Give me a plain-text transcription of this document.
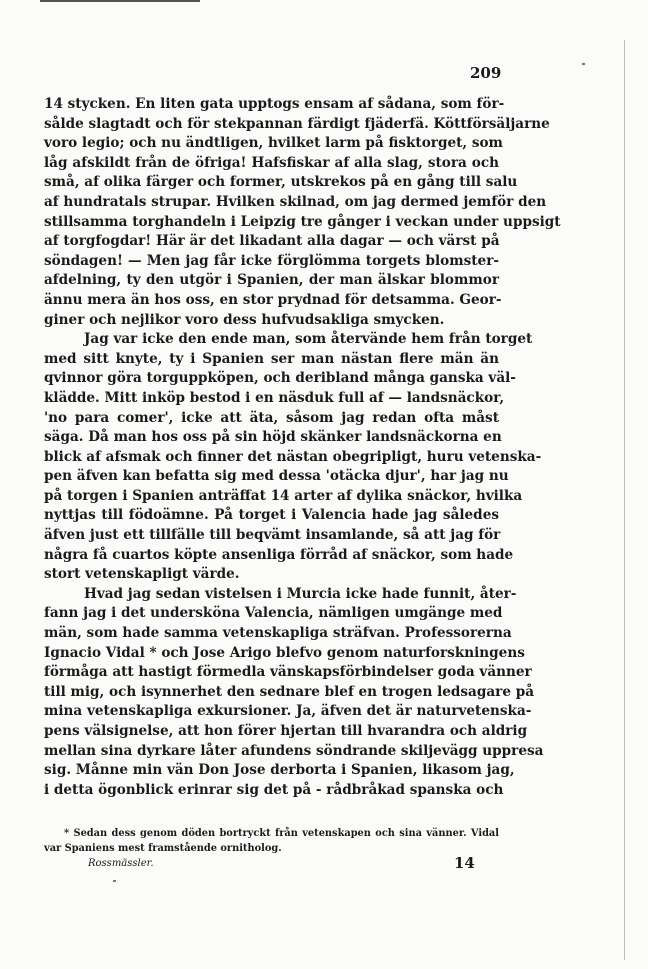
209
14 stycken. En liten gata upptogs ensam af sådana, som för-
sålde slagtadt och för stekpannan färdigt fjäderfä. Köttförsäljarne
voro legio; och nu ändtligen, hvilket larm på fisktorget, som
låg afskildt från de öfriga! Hafsfiskar af alla slag, stora och
små, af olika färger och former, utskrekos på en gång till salu
af hundratals strupar. Hvilken skilnad, om jag dermed jemför den
stillsamma torghandeln i Leipzig tre gånger i veckan under uppsigt
af torgfogdar! Här är det likadant alla dagar — och värst på
söndagen! — Men jag får icke förglömma torgets blomster-
afdelning, ty den utgör i Spanien, der man älskar blommor
ännu mera än hos oss, en stor prydnad för detsamma. Geor-
giner och nejlikor voro dess hufvudsakliga smycken.
Jag var icke den ende man, som återvände hem från torget
med sitt knyte, ty i Spanien ser man nästan flere män än
qvinnor göra torguppköpen, och deribland många ganska väl-
klädde. Mitt inköp bestod i en näsduk full af — landsnäckor,
'no para comer', icke att äta, såsom jag redan ofta måst
säga. Då man hos oss på sin höjd skänker landsnäckorna en
blick af afsmak och finner det nästan obegripligt, huru vetenska-
pen äfven kan befatta sig med dessa 'otäcka djur', har jag nu
på torgen i Spanien anträffat 14 arter af dylika snäckor, hvilka
nyttjas till födoämne. På torget i Valencia hade jag således
äfven just ett tillfälle till beqvämt insamlande, så att jag för
några få cuartos köpte ansenliga förråd af snäckor, som hade
stort vetenskapligt värde.
Hvad jag sedan vistelsen i Murcia icke hade funnit, åter-
fann jag i det undersköna Valencia, nämligen umgänge med
män, som hade samma vetenskapliga sträfvan. Professorerna
Ignacio Vidal * och Jose Arigo blefvo genom naturforskningens
förmåga att hastigt förmedla vänskapsförbindelser goda vänner
till mig, och isynnerhet den sednare blef en trogen ledsagare på
mina vetenskapliga exkursioner. Ja, äfven det är naturvetenska-
pens välsignelse, att hon förer hjertan till hvarandra och aldrig
mellan sina dyrkare låter afundens söndrande skiljevägg uppresa
sig. Månne min vän Don Jose derborta i Spanien, likasom jag,
i detta ögonblick erinrar sig det på - rådbråkad spanska och
* Sedan dess genom döden bortryckt från vetenskapen och sina vänner. Vidal
var Spaniens mest framstående ornitholog.
Rossmässler.	14
